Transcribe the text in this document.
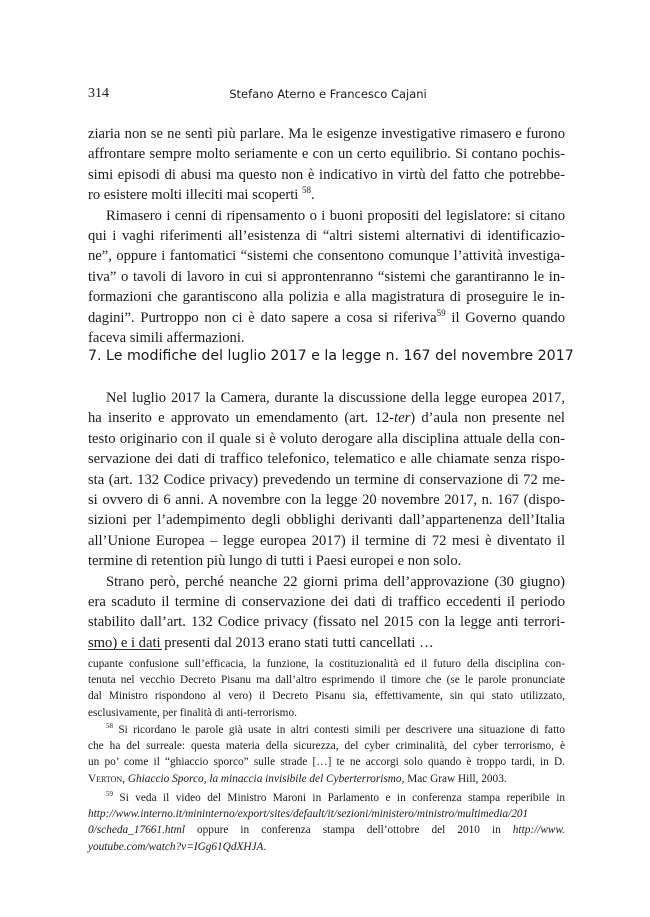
314	Stefano Aterno e Francesco Cajani
ziaria non se ne sentì più parlare. Ma le esigenze investigative rimasero e furono
affrontare sempre molto seriamente e con un certo equilibrio. Si contano pochis-
simi episodi di abusi ma questo non è indicativo in virtù del fatto che potrebbe-
ro esistere molti illeciti mai scoperti $^{58}$.
Rimasero i cenni di ripensamento o i buoni propositi del legislatore: si citano
qui i vaghi riferimenti all’esistenza di “altri sistemi alternativi di identificazio-
ne”, oppure i fantomatici “sistemi che consentono comunque l’attività investiga-
tiva” o tavoli di lavoro in cui si approntenranno “sistemi che garantiranno le in-
formazioni che garantiscono alla polizia e alla magistratura di proseguire le in-
dagini”. Purtroppo non ci è dato sapere a cosa si riferiva$^{59}$ il Governo quando
faceva simili affermazioni.
7. Le modifiche del luglio 2017 e la legge n. 167 del novembre 2017
Nel luglio 2017 la Camera, durante la discussione della legge europea 2017,
ha inserito e approvato un emendamento (art. 12-ter) d’aula non presente nel
testo originario con il quale si è voluto derogare alla disciplina attuale della con-
servazione dei dati di traffico telefonico, telematico e alle chiamate senza rispo-
sta (art. 132 Codice privacy) prevedendo un termine di conservazione di 72 me-
si ovvero di 6 anni. A novembre con la legge 20 novembre 2017, n. 167 (dispo-
sizioni per l’adempimento degli obblighi derivanti dall’appartenenza dell’Italia
all’Unione Europea – legge europea 2017) il termine di 72 mesi è diventato il
termine di retention più lungo di tutti i Paesi europei e non solo.
Strano però, perché neanche 22 giorni prima dell’approvazione (30 giugno)
era scaduto il termine di conservazione dei dati di traffico eccedenti il periodo
stabilito dall’art. 132 Codice privacy (fissato nel 2015 con la legge anti terrori-
smo) e i dati presenti dal 2013 erano stati tutti cancellati …
cupante confusione sull’efficacia, la funzione, la costituzionalità ed il futuro della disciplina con-
tenuta nel vecchio Decreto Pisanu ma dall’altro esprimendo il timore che (se le parole pronunciate
dal Ministro rispondono al vero) il Decreto Pisanu sia, effettivamente, sin qui stato utilizzato,
esclusivamente, per finalità di anti-terrorismo.
$^{58}$ Si ricordano le parole già usate in altri contesti simili per descrivere una situazione di fatto
che ha del surreale: questa materia della sicurezza, del cyber criminalità, del cyber terrorismo, è
un po’ come il “ghiaccio sporco” sulle strade […] te ne accorgi solo quando è troppo tardi, in D.
Verton, Ghiaccio Sporco, la minaccia invisibile del Cyberterrorismo, Mac Graw Hill, 2003.
$^{59}$ Si veda il video del Ministro Maroni in Parlamento e in conferenza stampa reperibile in
http://www.interno.it/mininterno/export/sites/default/it/sezioni/ministero/ministro/multimedia/201
0/scheda_17661.html oppure in conferenza stampa dell’ottobre del 2010 in http://www.
youtube.com/watch?v=IGg61QdXHJA.
